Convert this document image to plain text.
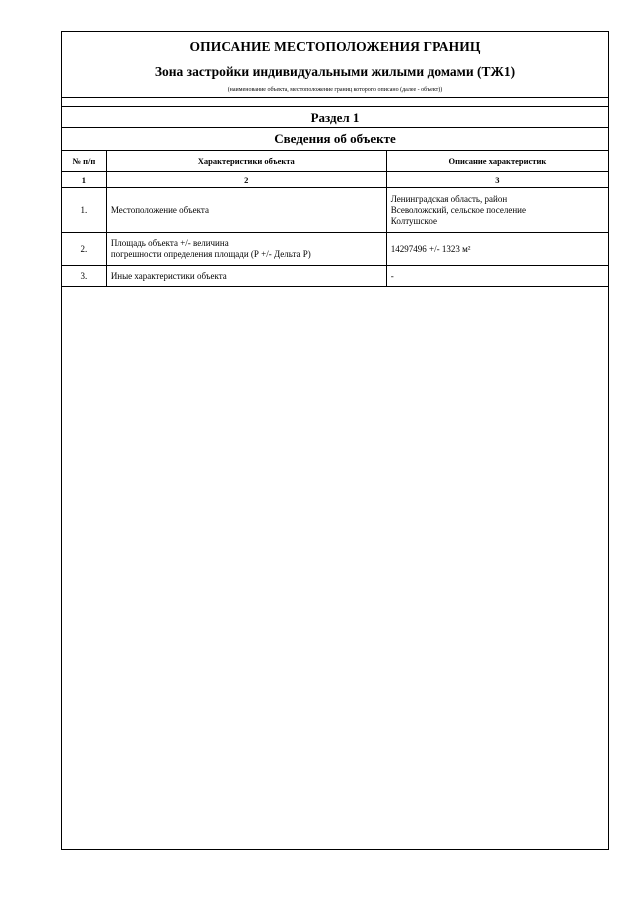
ОПИСАНИЕ МЕСТОПОЛОЖЕНИЯ ГРАНИЦ
Зона застройки индивидуальными жилыми домами (ТЖ1)
(наименование объекта, местоположение границ которого описано (далее - объект))
Раздел 1
Сведения об объекте
№ п/п	Характеристики объекта	Описание характеристик
1	2	3
1.	Местоположение объекта	Ленинградская область, район
Всеволожский, сельское поселение
Колтушское

2.	Площадь объекта +/- величина
погрешности определения площади (Р +/- Дельта Р)	14297496 +/- 1323 м²
3.	Иные характеристики объекта	-
